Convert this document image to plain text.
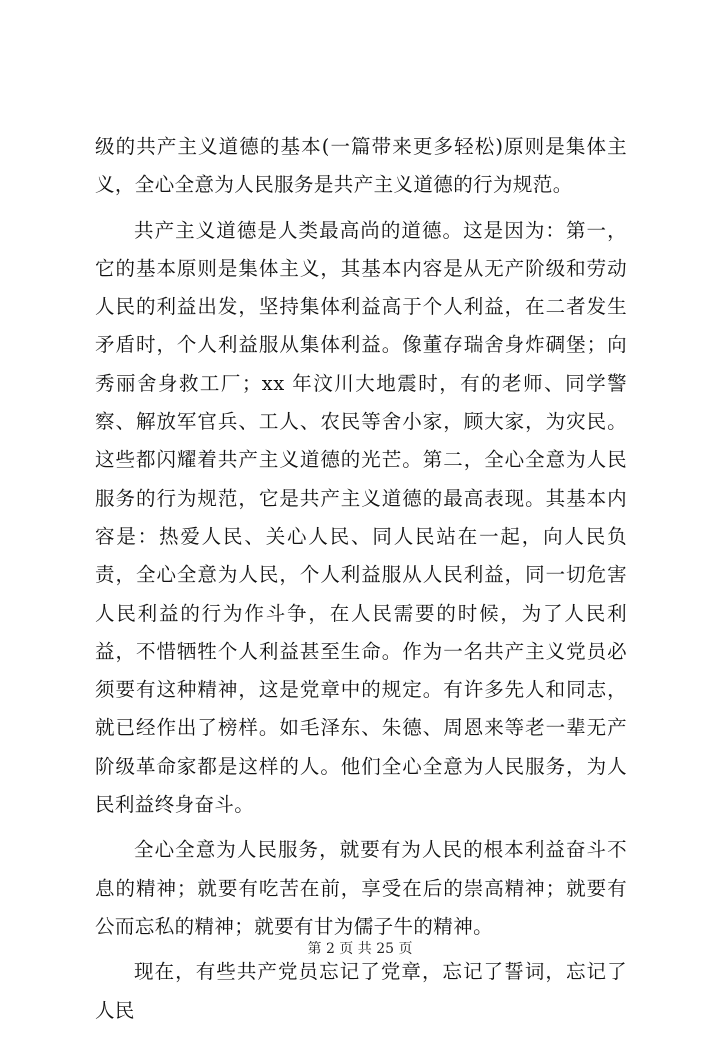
级的共产主义道德的基本(一篇带来更多轻松)原则是集体主义，全心全意为人民服务是共产主义道德的行为规范。

共产主义道德是人类最高尚的道德。这是因为：第一，它的基本原则是集体主义，其基本内容是从无产阶级和劳动人民的利益出发，坚持集体利益高于个人利益，在二者发生矛盾时，个人利益服从集体利益。像董存瑞舍身炸碉堡；向秀丽舍身救工厂；xx 年汶川大地震时，有的老师、同学警察、解放军官兵、工人、农民等舍小家，顾大家，为灾民。这些都闪耀着共产主义道德的光芒。第二，全心全意为人民服务的行为规范，它是共产主义道德的最高表现。其基本内容是：热爱人民、关心人民、同人民站在一起，向人民负责，全心全意为人民，个人利益服从人民利益，同一切危害人民利益的行为作斗争，在人民需要的时候，为了人民利益，不惜牺牲个人利益甚至生命。作为一名共产主义党员必须要有这种精神，这是党章中的规定。有许多先人和同志，就已经作出了榜样。如毛泽东、朱德、周恩来等老一辈无产阶级革命家都是这样的人。他们全心全意为人民服务，为人民利益终身奋斗。

全心全意为人民服务，就要有为人民的根本利益奋斗不息的精神；就要有吃苦在前，享受在后的崇高精神；就要有公而忘私的精神；就要有甘为儒子牛的精神。

现在，有些共产党员忘记了党章，忘记了誓词，忘记了人民

第 2 页 共 25 页
